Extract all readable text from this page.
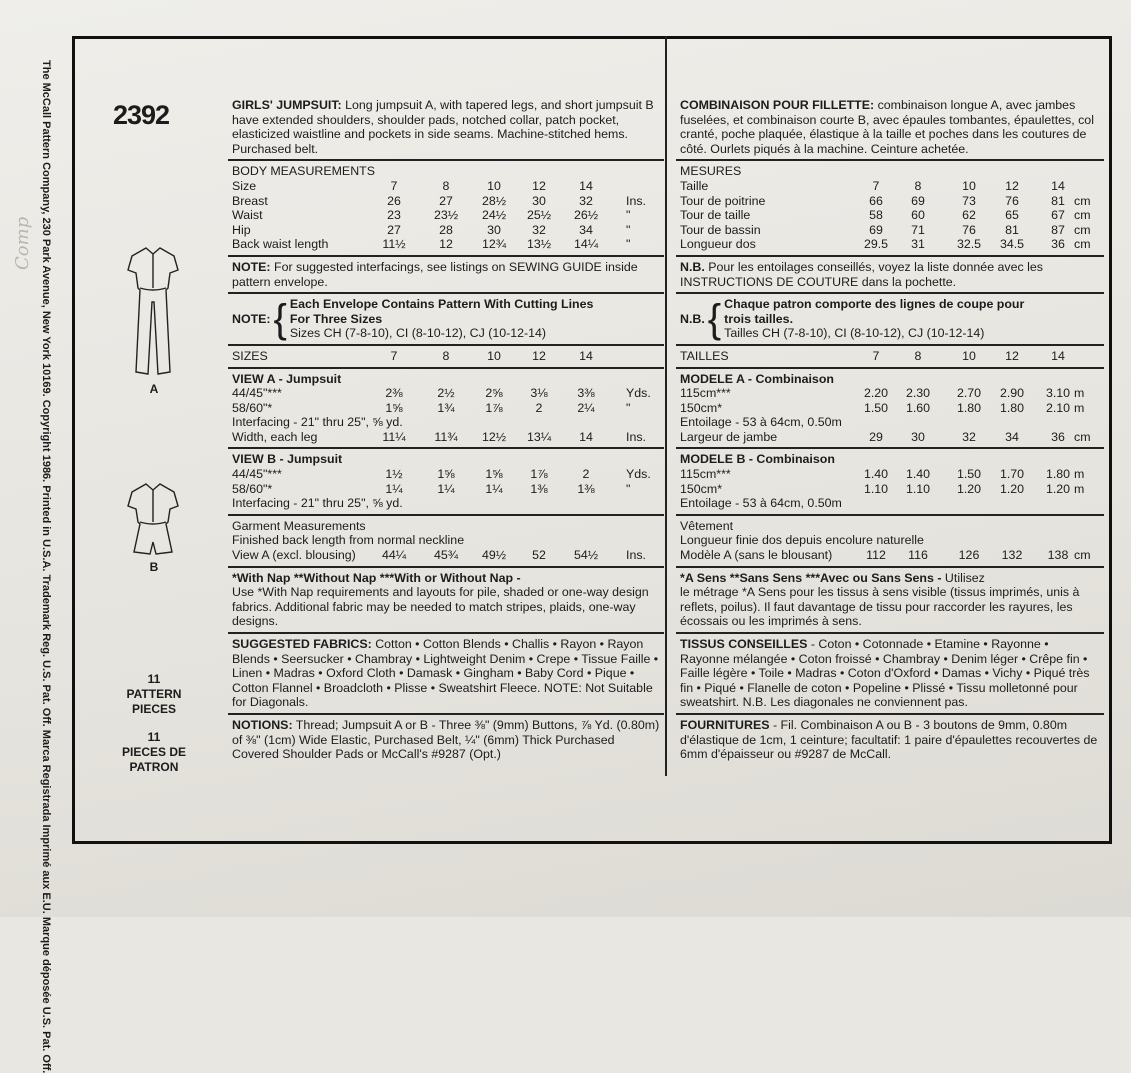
Comp The McCall Pattern Company, 230 Park Avenue, New York 10169. Copyright 1986. Printed in U.S.A. Trademark Reg. U.S. Pat. Off. Marca Registrada Imprimé aux E.U. Marque déposée U.S. Pat. Off. 2392
A
B
11
PATTERN PIECES
11
PIECES DE PATRON

GIRLS' JUMPSUIT: Long jumpsuit A, with tapered legs, and short jumpsuit B have extended shoulders, shoulder pads, notched collar, patch pocket, elasticized waistline and pockets in side seams. Machine-stitched hems. Purchased belt.

BODY MEASUREMENTS
Size	7	8	10	12	14
Breast	26	27	28½	30	32	Ins.
Waist	23	23½	24½	25½	26½	"
Hip	27	28	30	32	34	"
Back waist length	11½	12	12¾	13½	14¼	"

NOTE: For suggested interfacings, see listings on SEWING GUIDE inside pattern envelope.

NOTE: { Each Envelope Contains Pattern With Cutting Lines
For Three Sizes
Sizes CH (7-8-10), CI (8-10-12), CJ (10-12-14)
SIZES	7	8	10	12	14
VIEW A - Jumpsuit
44/45"***	2⅜	2½	2⅝	3⅛	3⅜	Yds.
58/60"*	1⅝	1¾	1⅞	2	2¼	"
Interfacing - 21" thru 25", ⅝ yd.
Width, each leg	11¼	11¾	12½	13¼	14	Ins.
VIEW B - Jumpsuit
44/45"***	1½	1⅝	1⅝	1⅞	2	Yds.
58/60"*	1¼	1¼	1¼	1⅜	1⅜	"
Interfacing - 21" thru 25", ⅝ yd.
Garment Measurements
Finished back length from normal neckline
View A (excl. blousing)	44¼	45¾	49½	52	54½	Ins.
*With Nap **Without Nap ***With or Without Nap -

Use *With Nap requirements and layouts for pile, shaded or one-way design fabrics. Additional fabric may be needed to match stripes, plaids, one-way designs.

SUGGESTED FABRICS: Cotton • Cotton Blends • Challis • Rayon • Rayon Blends • Seersucker • Chambray • Lightweight Denim • Crepe • Tissue Faille • Linen • Madras • Oxford Cloth • Damask • Gingham • Baby Cord • Pique • Cotton Flannel • Broadcloth • Plisse • Sweatshirt Fleece. NOTE: Not Suitable for Diagonals.

NOTIONS: Thread; Jumpsuit A or B - Three ⅜" (9mm) Buttons, ⅞ Yd. (0.80m) of ⅜" (1cm) Wide Elastic, Purchased Belt, ¼" (6mm) Thick Purchased Covered Shoulder Pads or McCall's #9287 (Opt.)

COMBINAISON POUR FILLETTE: combinaison longue A, avec jambes fuselées, et combinaison courte B, avec épaules tombantes, épaulettes, col cranté, poche plaquée, élastique à la taille et poches dans les coutures de côté. Ourlets piqués à la machine. Ceinture achetée.

MESURES
Taille	7	8	10	12	14
Tour de poitrine	66	69	73	76	81 cm
Tour de taille	58	60	62	65	67 cm
Tour de bassin	69	71	76	81	87 cm
Longueur dos	29.5	31	32.5	34.5	36 cm

N.B. Pour les entoilages conseillés, voyez la liste donnée avec les INSTRUCTIONS DE COUTURE dans la pochette.

N.B. { Chaque patron comporte des lignes de coupe pour
trois tailles.
Tailles CH (7-8-10), CI (8-10-12), CJ (10-12-14)
TAILLES	7	8	10	12	14
MODELE A - Combinaison
115cm***	2.20	2.30	2.70	2.90	3.10 m
150cm*	1.50	1.60	1.80	1.80	2.10 m
Entoilage - 53 à 64cm, 0.50m
Largeur de jambe	29	30	32	34	36 cm
MODELE B - Combinaison
115cm***	1.40	1.40	1.50	1.70	1.80 m
150cm*	1.10	1.10	1.20	1.20	1.20 m
Entoilage - 53 à 64cm, 0.50m
Vêtement
Longueur finie dos depuis encolure naturelle
Modèle A (sans le blousant)	112	116	126	132	138 cm
*A Sens **Sans Sens ***Avec ou Sans Sens - Utilisez

le métrage *A Sens pour les tissus à sens visible (tissus imprimés, unis à reflets, poilus). Il faut davantage de tissu pour raccorder les rayures, les écossais ou les imprimés à sens.

TISSUS CONSEILLES - Coton • Cotonnade • Etamine • Rayonne • Rayonne mélangée • Coton froissé • Chambray • Denim léger • Crêpe fin • Faille légère • Toile • Madras • Coton d'Oxford • Damas • Vichy • Piqué très fin • Piqué • Flanelle de coton • Popeline • Plissé • Tissu molletonné pour sweatshirt. N.B. Les diagonales ne conviennent pas.

FOURNITURES - Fil. Combinaison A ou B - 3 boutons de 9mm, 0.80m d'élastique de 1cm, 1 ceinture; facultatif: 1 paire d'épaulettes recouvertes de 6mm d'épaisseur ou #9287 de McCall.
